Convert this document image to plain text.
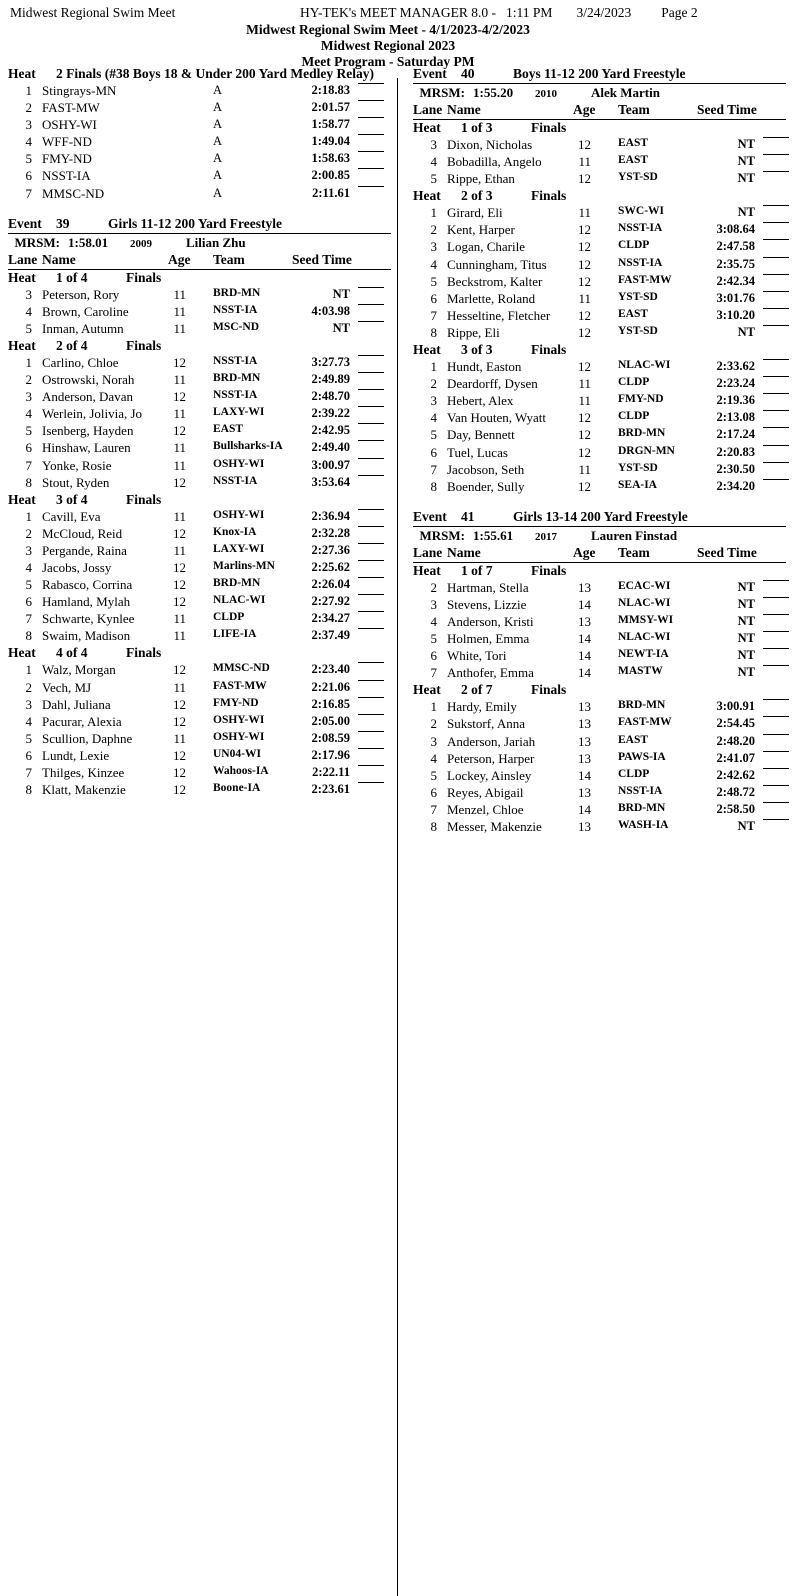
Midwest Regional Swim Meet	HY-TEK's MEET MANAGER 8.0 - 1:11 PM 3/24/2023 Page 2
Midwest Regional Swim Meet - 4/1/2023-4/2/2023
Midwest Regional 2023
Meet Program - Saturday PM
Heat 2 Finals (#38 Boys 18 & Under 200 Yard Medley Relay)
1 Stingrays-MN	A	2:18.83
2 FAST-MW	A	2:01.57
3 OSHY-WI	A	1:58.77
4 WFF-ND	A	1:49.04
5 FMY-ND	A	1:58.63
6 NSST-IA	A	2:00.85
7 MMSC-ND	A	2:11.61
Event 39	Girls 11-12 200 Yard Freestyle
MRSM: 1:58.01 2009	Lilian Zhu
Lane Name	Age Team	Seed Time
Heat 1 of 4	Finals
3 Peterson, Rory	11 BRD-MN	NT
4 Brown, Caroline	11 NSST-IA	4:03.98
5 Inman, Autumn	11 MSC-ND	NT
Heat 2 of 4	Finals
1 Carlino, Chloe	12 NSST-IA	3:27.73
2 Ostrowski, Norah	11 BRD-MN	2:49.89
3 Anderson, Davan	12 NSST-IA	2:48.70
4 Werlein, Jolivia, Jo	11 LAXY-WI	2:39.22
5 Isenberg, Hayden	12 EAST	2:42.95
6 Hinshaw, Lauren	11 Bullsharks-IA	2:49.40
7 Yonke, Rosie	11 OSHY-WI	3:00.97
8 Stout, Ryden	12 NSST-IA	3:53.64
Heat 3 of 4	Finals
1 Cavill, Eva	11 OSHY-WI	2:36.94
2 McCloud, Reid	12 Knox-IA	2:32.28
3 Pergande, Raina	11 LAXY-WI	2:27.36
4 Jacobs, Jossy	12 Marlins-MN	2:25.62
5 Rabasco, Corrina	12 BRD-MN	2:26.04
6 Hamland, Mylah	12 NLAC-WI	2:27.92
7 Schwarte, Kynlee	11 CLDP	2:34.27
8 Swaim, Madison	11 LIFE-IA	2:37.49
Heat 4 of 4	Finals
1 Walz, Morgan	12 MMSC-ND	2:23.40
2 Vech, MJ	11 FAST-MW	2:21.06
3 Dahl, Juliana	12 FMY-ND	2:16.85
4 Pacurar, Alexia	12 OSHY-WI	2:05.00
5 Scullion, Daphne	11 OSHY-WI	2:08.59
6 Lundt, Lexie	12 UN04-WI	2:17.96
7 Thilges, Kinzee	12 Wahoos-IA	2:22.11
8 Klatt, Makenzie	12 Boone-IA	2:23.61
Event 40	Boys 11-12 200 Yard Freestyle
MRSM: 1:55.20 2010	Alek Martin
Lane Name	Age Team	Seed Time
Heat 1 of 3	Finals
3 Dixon, Nicholas	12 EAST	NT
4 Bobadilla, Angelo	11 EAST	NT
5 Rippe, Ethan	12 YST-SD	NT
Heat 2 of 3	Finals
1 Girard, Eli	11 SWC-WI	NT
2 Kent, Harper	12 NSST-IA	3:08.64
3 Logan, Charile	12 CLDP	2:47.58
4 Cunningham, Titus	12 NSST-IA	2:35.75
5 Beckstrom, Kalter	12 FAST-MW	2:42.34
6 Marlette, Roland	11 YST-SD	3:01.76
7 Hesseltine, Fletcher	12 EAST	3:10.20
8 Rippe, Eli	12 YST-SD	NT
Heat 3 of 3	Finals
1 Hundt, Easton	12 NLAC-WI	2:33.62
2 Deardorff, Dysen	11 CLDP	2:23.24
3 Hebert, Alex	11 FMY-ND	2:19.36
4 Van Houten, Wyatt	12 CLDP	2:13.08
5 Day, Bennett	12 BRD-MN	2:17.24
6 Tuel, Lucas	12 DRGN-MN	2:20.83
7 Jacobson, Seth	11 YST-SD	2:30.50
8 Boender, Sully	12 SEA-IA	2:34.20
Event 41	Girls 13-14 200 Yard Freestyle
MRSM: 1:55.61 2017	Lauren Finstad
Lane Name	Age Team	Seed Time
Heat 1 of 7	Finals
2 Hartman, Stella	13 ECAC-WI	NT
3 Stevens, Lizzie	14 NLAC-WI	NT
4 Anderson, Kristi	13 MMSY-WI	NT
5 Holmen, Emma	14 NLAC-WI	NT
6 White, Tori	14 NEWT-IA	NT
7 Anthofer, Emma	14 MASTW	NT
Heat 2 of 7	Finals
1 Hardy, Emily	13 BRD-MN	3:00.91
2 Sukstorf, Anna	13 FAST-MW	2:54.45
3 Anderson, Jariah	13 EAST	2:48.20
4 Peterson, Harper	13 PAWS-IA	2:41.07
5 Lockey, Ainsley	14 CLDP	2:42.62
6 Reyes, Abigail	13 NSST-IA	2:48.72
7 Menzel, Chloe	14 BRD-MN	2:58.50
8 Messer, Makenzie	13 WASH-IA	NT
